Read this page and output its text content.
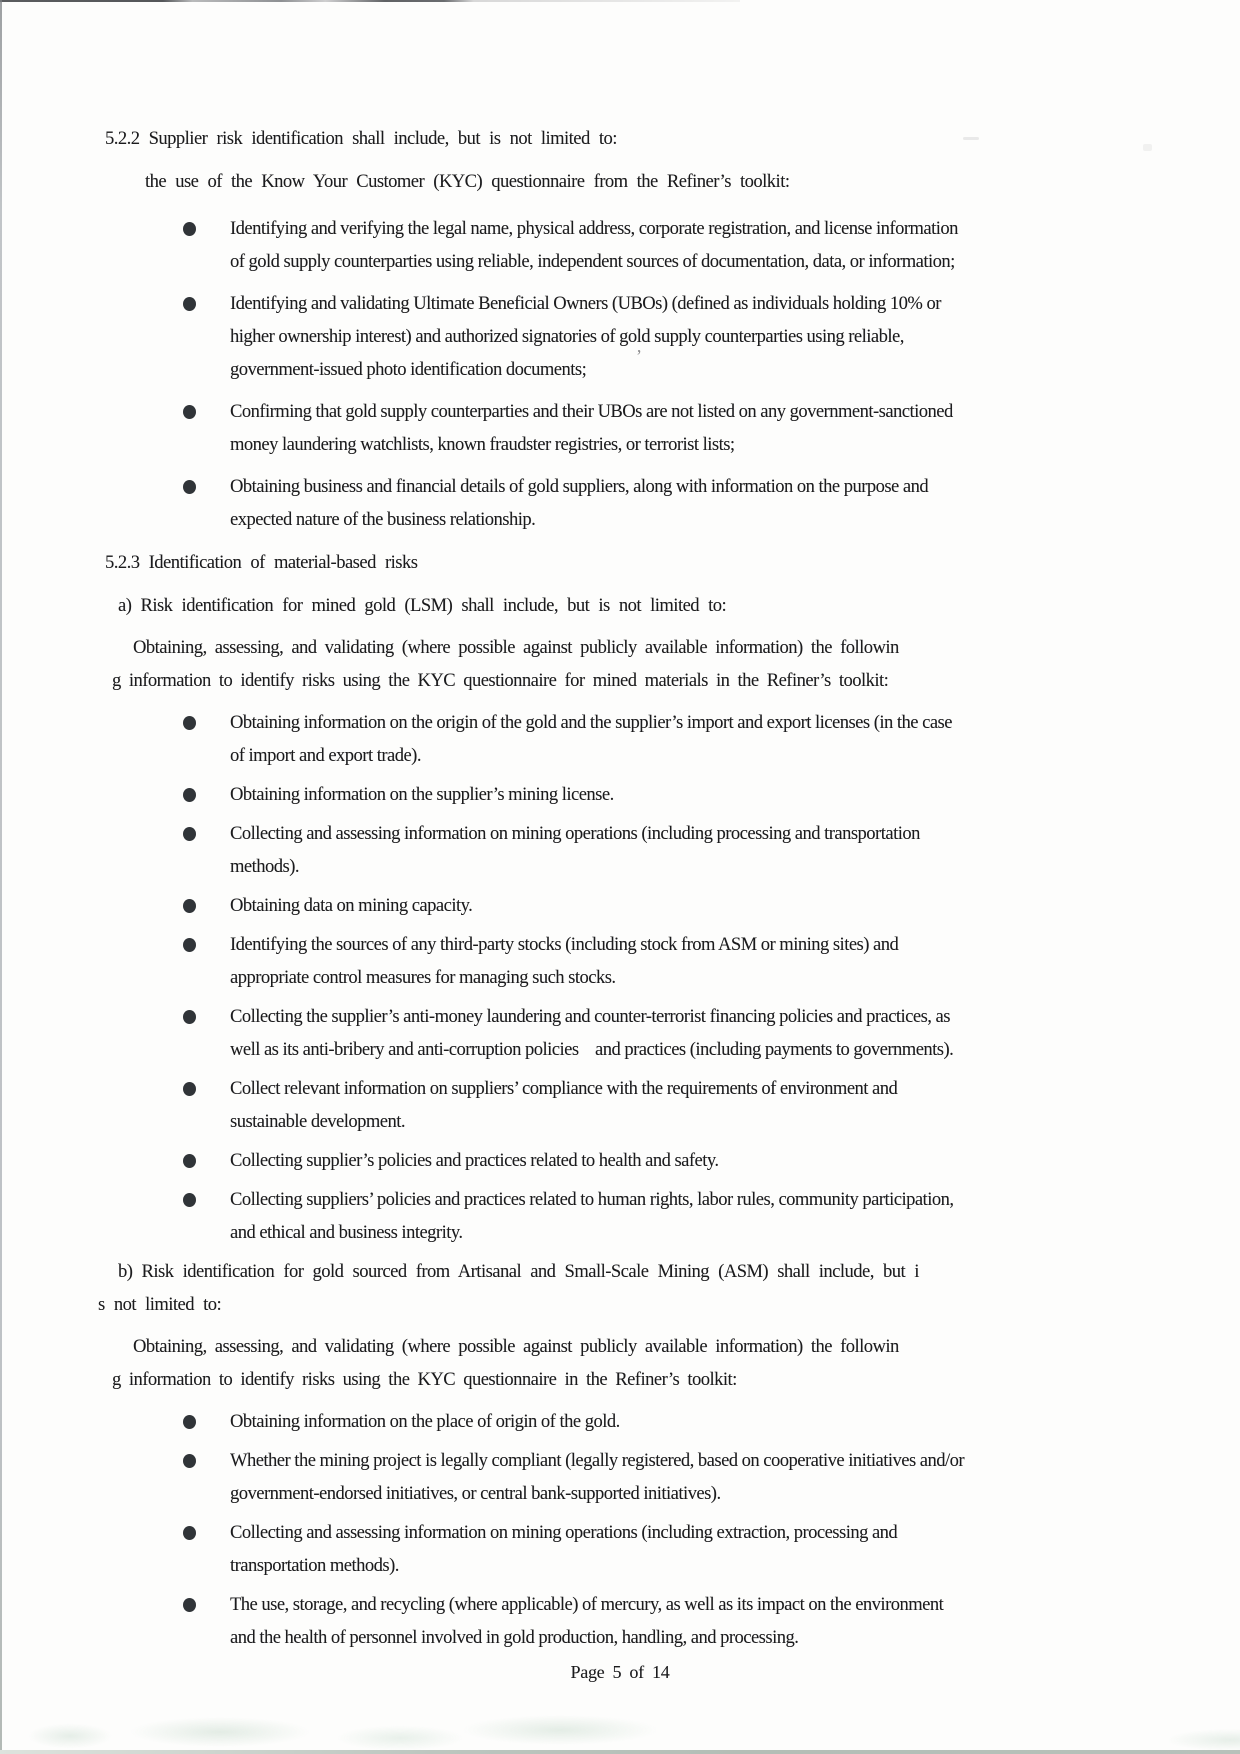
’
5.2.2 Supplier risk identification shall include, but is not limited to:
the use of the Know Your Customer (KYC) questionnaire from the Refiner’s toolkit:
Identifying and verifying the legal name, physical address, corporate registration, and license information
of gold supply counterparties using reliable, independent sources of documentation, data, or information;
Identifying and validating Ultimate Beneficial Owners (UBOs) (defined as individuals holding 10% or
higher ownership interest) and authorized signatories of gold supply counterparties using reliable,
government-issued photo identification documents;
Confirming that gold supply counterparties and their UBOs are not listed on any government-sanctioned
money laundering watchlists, known fraudster registries, or terrorist lists;
Obtaining business and financial details of gold suppliers, along with information on the purpose and
expected nature of the business relationship.
5.2.3 Identification of material-based risks
a) Risk identification for mined gold (LSM) shall include, but is not limited to:
Obtaining, assessing, and validating (where possible against publicly available information) the followin
g information to identify risks using the KYC questionnaire for mined materials in the Refiner’s toolkit:
Obtaining information on the origin of the gold and the supplier’s import and export licenses (in the case
of import and export trade).
Obtaining information on the supplier’s mining license.
Collecting and assessing information on mining operations (including processing and transportation
methods).
Obtaining data on mining capacity.
Identifying the sources of any third-party stocks (including stock from ASM or mining sites) and
appropriate control measures for managing such stocks.
Collecting the supplier’s anti-money laundering and counter-terrorist financing policies and practices, as
well as its anti-bribery and anti-corruption policies    and practices (including payments to governments).
Collect relevant information on suppliers’ compliance with the requirements of environment and
sustainable development.
Collecting supplier’s policies and practices related to health and safety.
Collecting suppliers’ policies and practices related to human rights, labor rules, community participation,
and ethical and business integrity.
b) Risk identification for gold sourced from Artisanal and Small-Scale Mining (ASM) shall include, but i
s not limited to:
Obtaining, assessing, and validating (where possible against publicly available information) the followin
g information to identify risks using the KYC questionnaire in the Refiner’s toolkit:
Obtaining information on the place of origin of the gold.
Whether the mining project is legally compliant (legally registered, based on cooperative initiatives and/or
government-endorsed initiatives, or central bank-supported initiatives).
Collecting and assessing information on mining operations (including extraction, processing and
transportation methods).
The use, storage, and recycling (where applicable) of mercury, as well as its impact on the environment
and the health of personnel involved in gold production, handling, and processing.
Page 5 of 14
